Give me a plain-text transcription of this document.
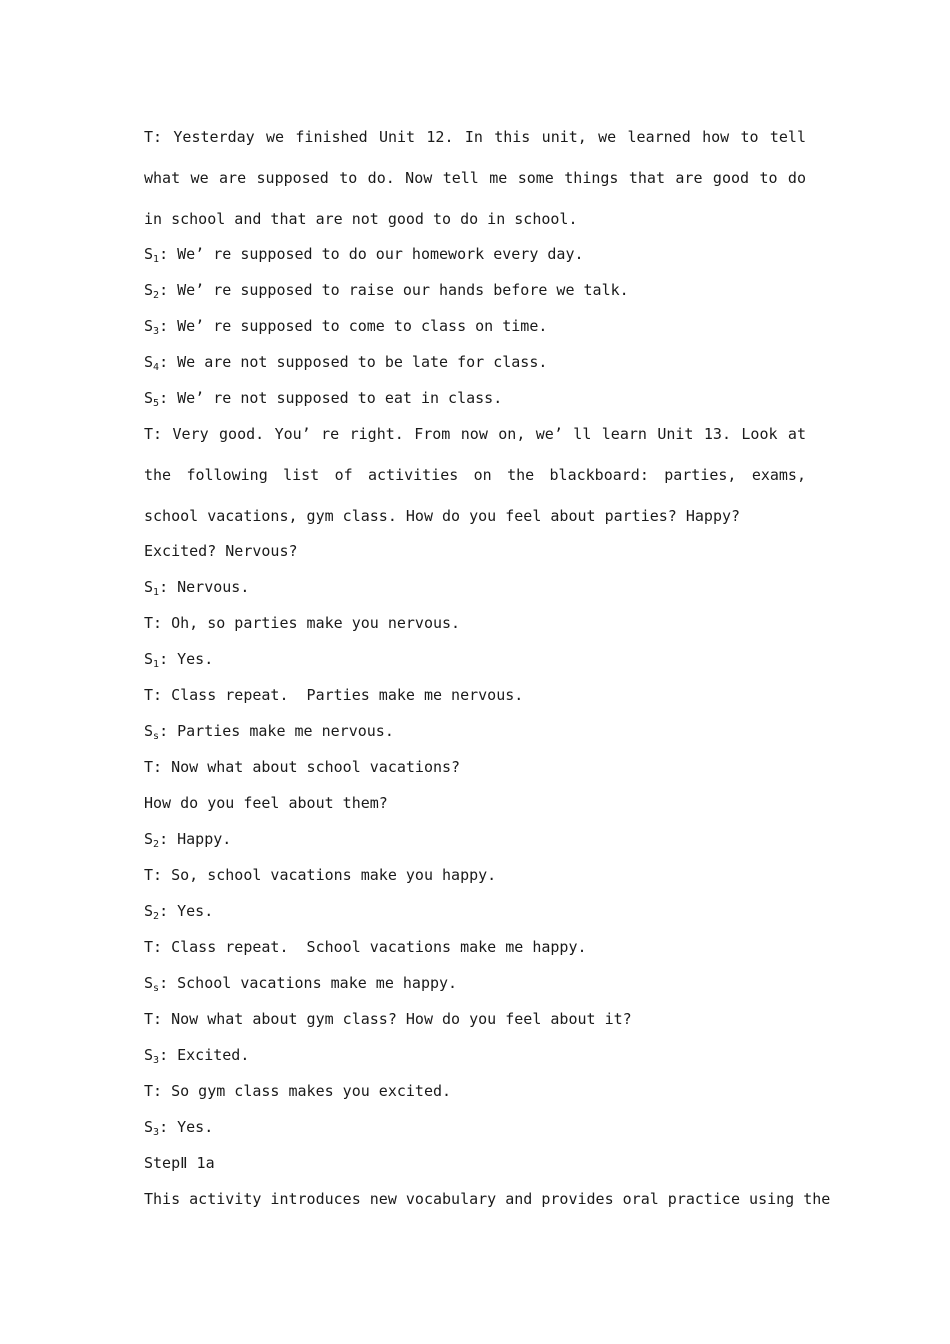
T: Yesterday we finished Unit 12. In this unit, we learned how to tell what we are supposed to do. Now tell me some things that are good to do in school and that are not good to do in school.
$S_1$: We’ re supposed to do our homework every day.
$S_2$: We’ re supposed to raise our hands before we talk.
$S_3$: We’ re supposed to come to class on time.
$S_4$: We are not supposed to be late for class.
$S_5$: We’ re not supposed to eat in class.
T: Very good. You’ re right. From now on, we’ ll learn Unit 13. Look at the following list of activities on the blackboard: parties, exams, school vacations, gym class. How do you feel about parties? Happy?
Excited? Nervous?
$S_1$: Nervous.
T: Oh, so parties make you nervous.
$S_1$: Yes.
T: Class repeat.  Parties make me nervous.
$S_s$: Parties make me nervous.
T: Now what about school vacations?
How do you feel about them?
$S_2$: Happy.
T: So, school vacations make you happy.
$S_2$: Yes.
T: Class repeat.  School vacations make me happy.
$S_s$: School vacations make me happy.
T: Now what about gym class? How do you feel about it?
$S_3$: Excited.
T: So gym class makes you excited.
$S_3$: Yes.
StepⅡ 1a
This activity introduces new vocabulary and provides oral practice using the
